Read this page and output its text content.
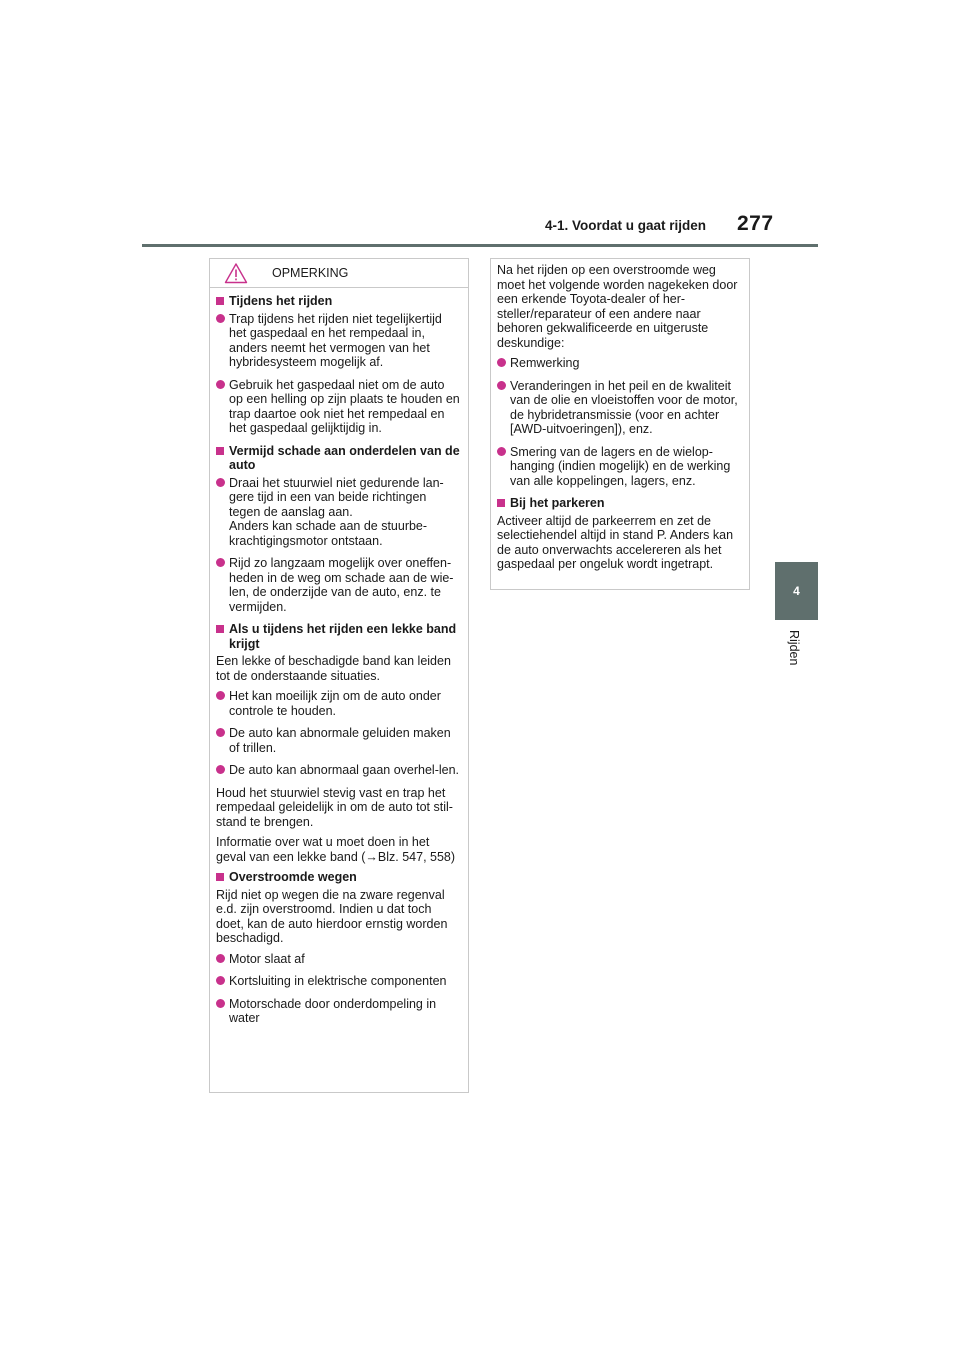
4-1. Voordat u gaat rijden 277
4
Rijden
OPMERKING
Tijdens het rijden
Trap tijdens het rijden niet tegelijkertijd het gaspedaal en het rempedaal in, anders neemt het vermogen van het hybridesysteem mogelijk af.
Gebruik het gaspedaal niet om de auto op een helling op zijn plaats te houden en trap daartoe ook niet het rempedaal en het gaspedaal gelijktijdig in.
Vermijd schade aan onderdelen van de auto
Draai het stuurwiel niet gedurende lan-gere tijd in een van beide richtingen tegen de aanslag aan.
Anders kan schade aan de stuurbe-krachtigingsmotor ontstaan.
Rijd zo langzaam mogelijk over oneffen-heden in de weg om schade aan de wie-len, de onderzijde van de auto, enz. te vermijden.
Als u tijdens het rijden een lekke band krijgt
Een lekke of beschadigde band kan leiden tot de onderstaande situaties.
Het kan moeilijk zijn om de auto onder controle te houden.
De auto kan abnormale geluiden maken of trillen.
De auto kan abnormaal gaan overhel-len.
Houd het stuurwiel stevig vast en trap het rempedaal geleidelijk in om de auto tot stil-stand te brengen.
Informatie over wat u moet doen in het geval van een lekke band (→Blz. 547, 558)
Overstroomde wegen
Rijd niet op wegen die na zware regenval e.d. zijn overstroomd. Indien u dat toch doet, kan de auto hierdoor ernstig worden beschadigd.
Motor slaat af
Kortsluiting in elektrische componenten
Motorschade door onderdompeling in water
Na het rijden op een overstroomde weg moet het volgende worden nagekeken door een erkende Toyota-dealer of her-steller/reparateur of een andere naar behoren gekwalificeerde en uitgeruste deskundige:
Remwerking
Veranderingen in het peil en de kwaliteit van de olie en vloeistoffen voor de motor, de hybridetransmissie (voor en achter [AWD-uitvoeringen]), enz.
Smering van de lagers en de wielop-hanging (indien mogelijk) en de werking van alle koppelingen, lagers, enz.
Bij het parkeren
Activeer altijd de parkeerrem en zet de selectiehendel altijd in stand P. Anders kan de auto onverwachts accelereren als het gaspedaal per ongeluk wordt ingetrapt.
